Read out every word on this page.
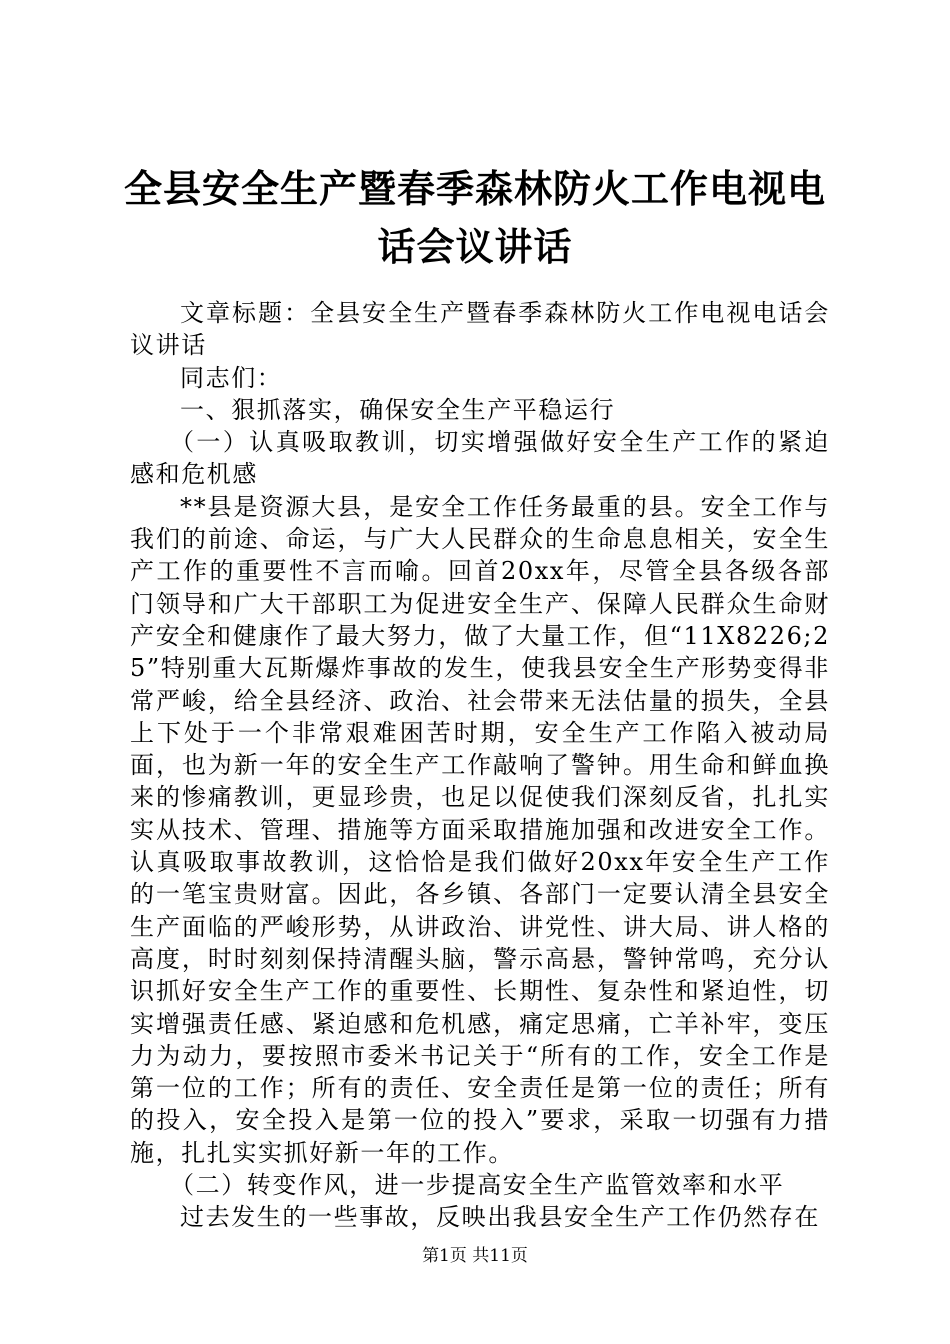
全县安全生产暨春季森林防火工作电视电话会议讲话

文章标题：全县安全生产暨春季森林防火工作电视电话会议讲话

同志们：

一、狠抓落实，确保安全生产平稳运行

（一）认真吸取教训，切实增强做好安全生产工作的紧迫感和危机感

**县是资源大县，是安全工作任务最重的县。安全工作与我们的前途、命运，与广大人民群众的生命息息相关，安全生产工作的重要性不言而喻。回首20xx年，尽管全县各级各部门领导和广大干部职工为促进安全生产、保障人民群众生命财产安全和健康作了最大努力，做了大量工作，但“11X8226;25”特别重大瓦斯爆炸事故的发生，使我县安全生产形势变得非常严峻，给全县经济、政治、社会带来无法估量的损失，全县上下处于一个非常艰难困苦时期，安全生产工作陷入被动局面，也为新一年的安全生产工作敲响了警钟。用生命和鲜血换来的惨痛教训，更显珍贵，也足以促使我们深刻反省，扎扎实实从技术、管理、措施等方面采取措施加强和改进安全工作。认真吸取事故教训，这恰恰是我们做好20xx年安全生产工作的一笔宝贵财富。因此，各乡镇、各部门一定要认清全县安全生产面临的严峻形势，从讲政治、讲党性、讲大局、讲人格的高度，时时刻刻保持清醒头脑，警示高悬，警钟常鸣，充分认识抓好安全生产工作的重要性、长期性、复杂性和紧迫性，切实增强责任感、紧迫感和危机感，痛定思痛，亡羊补牢，变压力为动力，要按照市委米书记关于“所有的工作，安全工作是第一位的工作；所有的责任、安全责任是第一位的责任；所有的投入，安全投入是第一位的投入”要求，采取一切强有力措施，扎扎实实抓好新一年的工作。

（二）转变作风，进一步提高安全生产监管效率和水平

过去发生的一些事故，反映出我县安全生产工作仍然存在

第1页 共11页
